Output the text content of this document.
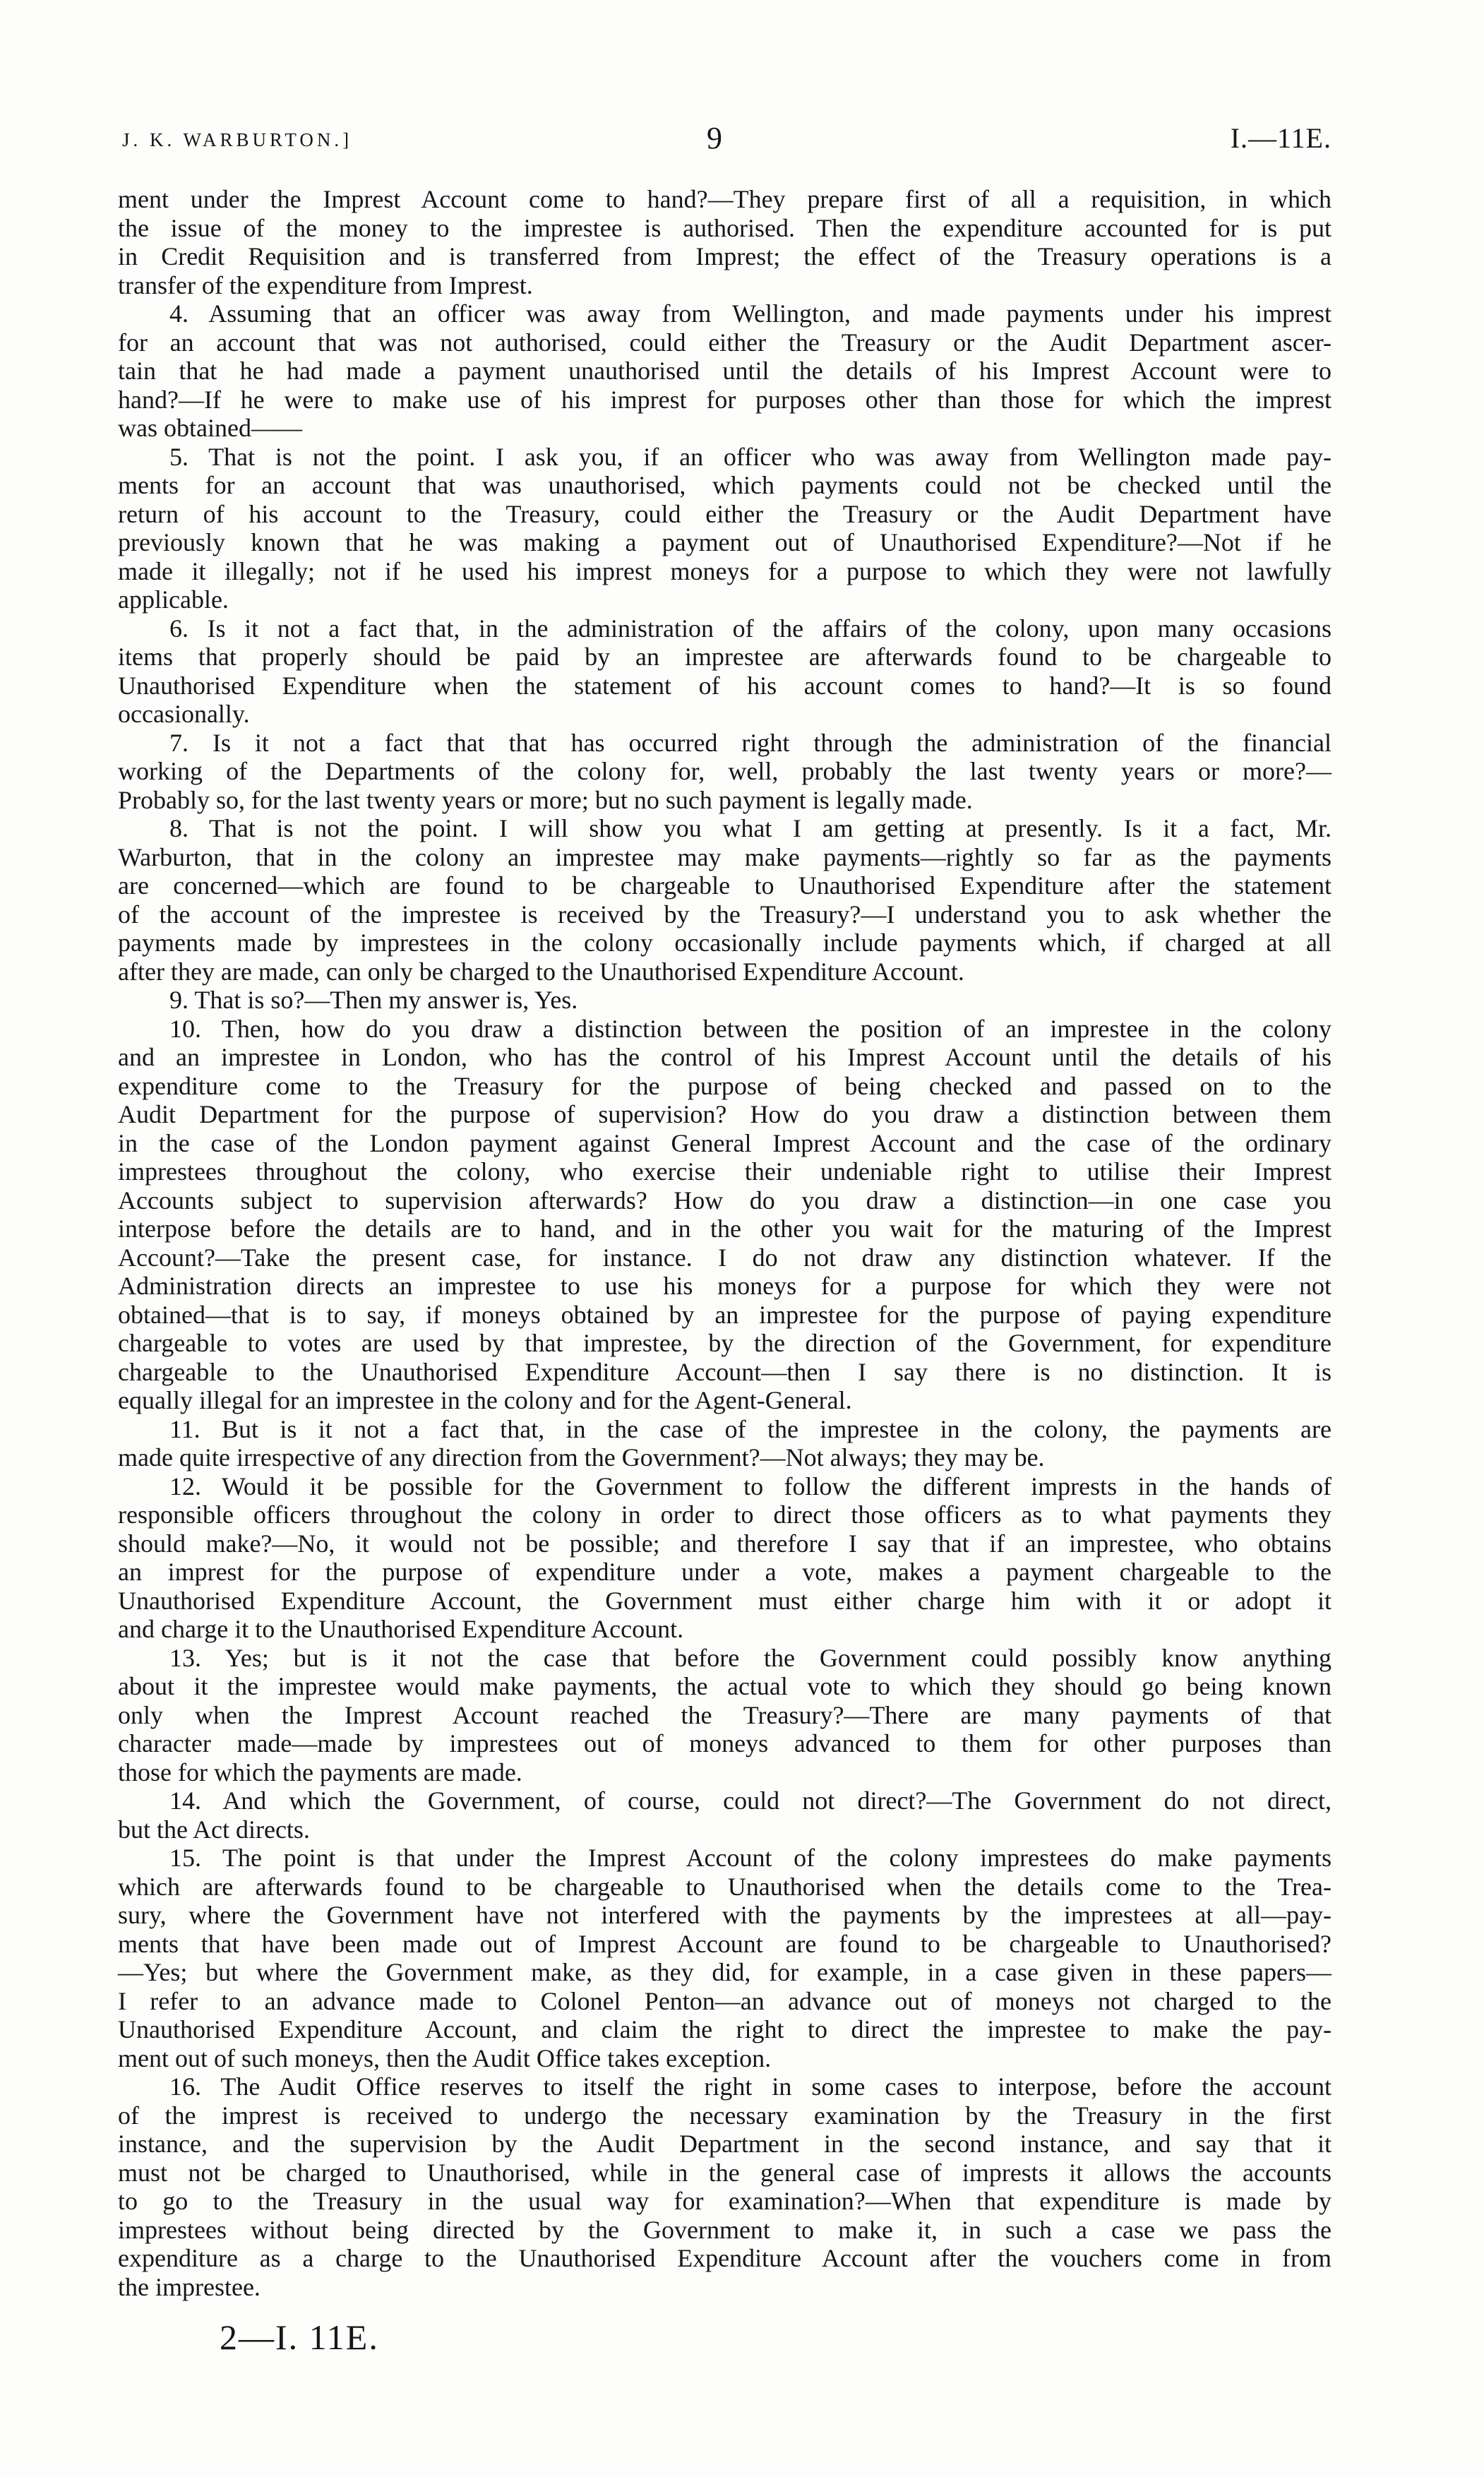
J. K. WARBURTON.]	9	I.—11E.
ment under the Imprest Account come to hand?—They prepare first of all a requisition, in which
the issue of the money to the imprestee is authorised. Then the expenditure accounted for is put
in Credit Requisition and is transferred from Imprest; the effect of the Treasury operations is a
transfer of the expenditure from Imprest.
4. Assuming that an officer was away from Wellington, and made payments under his imprest
for an account that was not authorised, could either the Treasury or the Audit Department ascer-
tain that he had made a payment unauthorised until the details of his Imprest Account were to
hand?—If he were to make use of his imprest for purposes other than those for which the imprest
was obtained——
5. That is not the point. I ask you, if an officer who was away from Wellington made pay-
ments for an account that was unauthorised, which payments could not be checked until the
return of his account to the Treasury, could either the Treasury or the Audit Department have
previously known that he was making a payment out of Unauthorised Expenditure?—Not if he
made it illegally; not if he used his imprest moneys for a purpose to which they were not lawfully
applicable.
6. Is it not a fact that, in the administration of the affairs of the colony, upon many occasions
items that properly should be paid by an imprestee are afterwards found to be chargeable to
Unauthorised Expenditure when the statement of his account comes to hand?—It is so found
occasionally.
7. Is it not a fact that that has occurred right through the administration of the financial
working of the Departments of the colony for, well, probably the last twenty years or more?—
Probably so, for the last twenty years or more; but no such payment is legally made.
8. That is not the point. I will show you what I am getting at presently. Is it a fact, Mr.
Warburton, that in the colony an imprestee may make payments—rightly so far as the payments
are concerned—which are found to be chargeable to Unauthorised Expenditure after the statement
of the account of the imprestee is received by the Treasury?—I understand you to ask whether the
payments made by imprestees in the colony occasionally include payments which, if charged at all
after they are made, can only be charged to the Unauthorised Expenditure Account.
9. That is so?—Then my answer is, Yes.
10. Then, how do you draw a distinction between the position of an imprestee in the colony
and an imprestee in London, who has the control of his Imprest Account until the details of his
expenditure come to the Treasury for the purpose of being checked and passed on to the
Audit Department for the purpose of supervision? How do you draw a distinction between them
in the case of the London payment against General Imprest Account and the case of the ordinary
imprestees throughout the colony, who exercise their undeniable right to utilise their Imprest
Accounts subject to supervision afterwards? How do you draw a distinction—in one case you
interpose before the details are to hand, and in the other you wait for the maturing of the Imprest
Account?—Take the present case, for instance. I do not draw any distinction whatever. If the
Administration directs an imprestee to use his moneys for a purpose for which they were not
obtained—that is to say, if moneys obtained by an imprestee for the purpose of paying expenditure
chargeable to votes are used by that imprestee, by the direction of the Government, for expenditure
chargeable to the Unauthorised Expenditure Account—then I say there is no distinction. It is
equally illegal for an imprestee in the colony and for the Agent-General.
11. But is it not a fact that, in the case of the imprestee in the colony, the payments are
made quite irrespective of any direction from the Government?—Not always; they may be.
12. Would it be possible for the Government to follow the different imprests in the hands of
responsible officers throughout the colony in order to direct those officers as to what payments they
should make?—No, it would not be possible; and therefore I say that if an imprestee, who obtains
an imprest for the purpose of expenditure under a vote, makes a payment chargeable to the
Unauthorised Expenditure Account, the Government must either charge him with it or adopt it
and charge it to the Unauthorised Expenditure Account.
13. Yes; but is it not the case that before the Government could possibly know anything
about it the imprestee would make payments, the actual vote to which they should go being known
only when the Imprest Account reached the Treasury?—There are many payments of that
character made—made by imprestees out of moneys advanced to them for other purposes than
those for which the payments are made.
14. And which the Government, of course, could not direct?—The Government do not direct,
but the Act directs.
15. The point is that under the Imprest Account of the colony imprestees do make payments
which are afterwards found to be chargeable to Unauthorised when the details come to the Trea-
sury, where the Government have not interfered with the payments by the imprestees at all—pay-
ments that have been made out of Imprest Account are found to be chargeable to Unauthorised?
—Yes; but where the Government make, as they did, for example, in a case given in these papers—
I refer to an advance made to Colonel Penton—an advance out of moneys not charged to the
Unauthorised Expenditure Account, and claim the right to direct the imprestee to make the pay-
ment out of such moneys, then the Audit Office takes exception.
16. The Audit Office reserves to itself the right in some cases to interpose, before the account
of the imprest is received to undergo the necessary examination by the Treasury in the first
instance, and the supervision by the Audit Department in the second instance, and say that it
must not be charged to Unauthorised, while in the general case of imprests it allows the accounts
to go to the Treasury in the usual way for examination?—When that expenditure is made by
imprestees without being directed by the Government to make it, in such a case we pass the
expenditure as a charge to the Unauthorised Expenditure Account after the vouchers come in from
the imprestee.
2—I. 11E.
